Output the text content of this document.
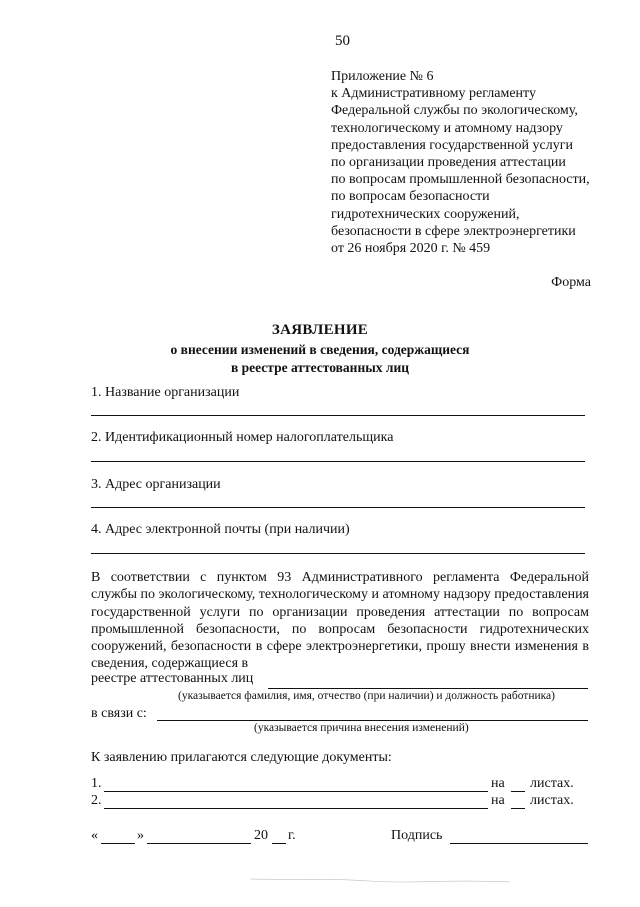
50
Приложение № 6
к Административному регламенту
Федеральной службы по экологическому,
технологическому и атомному надзору
предоставления государственной услуги
по организации проведения аттестации
по вопросам промышленной безопасности,
по вопросам безопасности
гидротехнических сооружений,
безопасности в сфере электроэнергетики
от 26 ноября 2020 г. № 459
Форма
ЗАЯВЛЕНИЕ
о внесении изменений в сведения, содержащиеся
в реестре аттестованных лиц
1. Название организации
2. Идентификационный номер налогоплательщика
3. Адрес организации
4. Адрес электронной почты (при наличии)
В соответствии с пунктом 93 Административного регламента Федеральной службы по экологическому, технологическому и атомному надзору предоставления государственной услуги по организации проведения аттестации по вопросам промышленной безопасности, по вопросам безопасности гидротехнических сооружений, безопасности в сфере электроэнергетики, прошу внести изменения в сведения, содержащиеся в
реестре аттестованных лиц
(указывается фамилия, имя, отчество (при наличии) и должность работника)
в связи с:
(указывается причина внесения изменений)
К заявлению прилагаются следующие документы:
1.	на листах.
2.	на листах.
«	»	20 г.	Подпись
